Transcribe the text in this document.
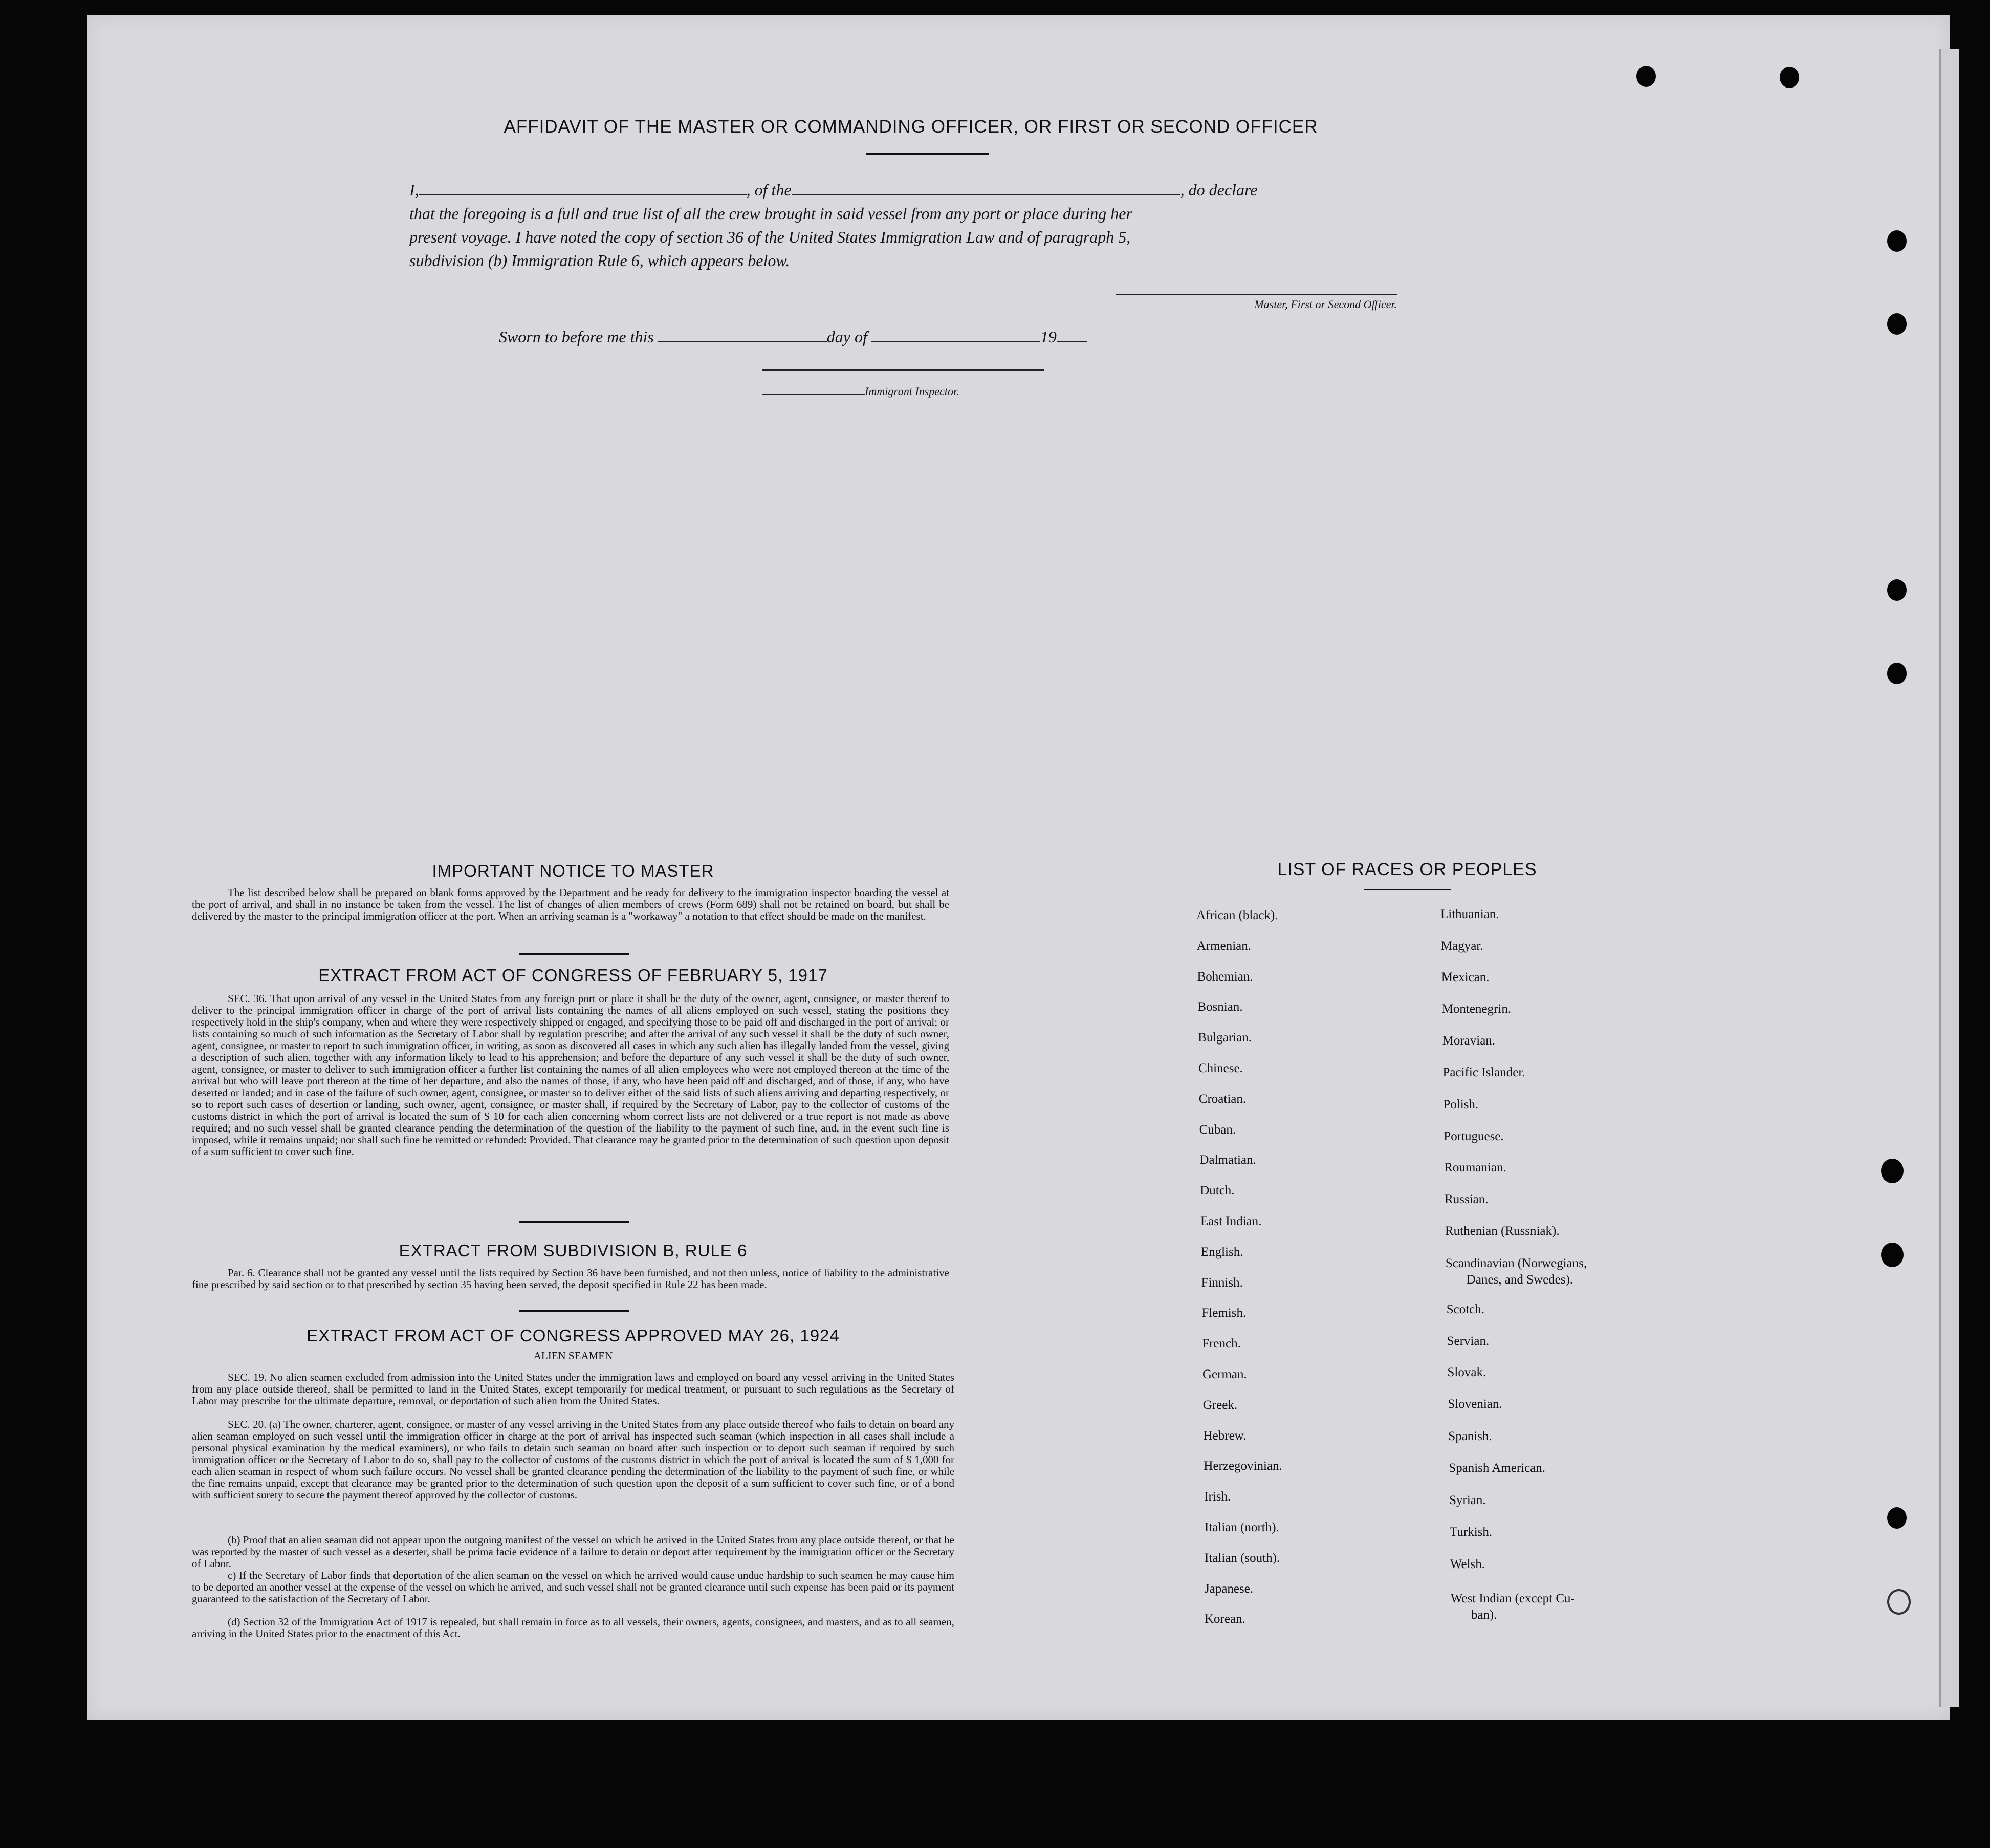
AFFIDAVIT OF THE MASTER OR COMMANDING OFFICER, OR FIRST OR SECOND OFFICER
I,	, of the	, do declare
that the foregoing is a full and true list of all the crew brought in said vessel from any port or place during her
present voyage. I have noted the copy of section 36 of the United States Immigration Law and of paragraph 5,
subdivision (b) Immigration Rule 6, which appears below.
Master, First or Second Officer.
Sworn to before me this	day of	19
Immigrant Inspector.
IMPORTANT NOTICE TO MASTER
The list described below shall be prepared on blank forms approved by the Department and be ready for delivery to the immigration inspector boarding the vessel at the port of arrival, and shall in no instance be taken from the vessel. The list of changes of alien members of crews (Form 689) shall not be retained on board, but shall be delivered by the master to the principal immigration officer at the port. When an arriving seaman is a "workaway" a notation to that effect should be made on the manifest.
EXTRACT FROM ACT OF CONGRESS OF FEBRUARY 5, 1917
SEC. 36. That upon arrival of any vessel in the United States from any foreign port or place it shall be the duty of the owner, agent, consignee, or master thereof to deliver to the principal immigration officer in charge of the port of arrival lists containing the names of all aliens employed on such vessel, stating the positions they respectively hold in the ship's company, when and where they were respectively shipped or engaged, and specifying those to be paid off and discharged in the port of arrival; or lists containing so much of such information as the Secretary of Labor shall by regulation prescribe; and after the arrival of any such vessel it shall be the duty of such owner, agent, consignee, or master to report to such immigration officer, in writing, as soon as discovered all cases in which any such alien has illegally landed from the vessel, giving a description of such alien, together with any information likely to lead to his apprehension; and before the departure of any such vessel it shall be the duty of such owner, agent, consignee, or master to deliver to such immigration officer a further list containing the names of all alien employees who were not employed thereon at the time of the arrival but who will leave port thereon at the time of her departure, and also the names of those, if any, who have been paid off and discharged, and of those, if any, who have deserted or landed; and in case of the failure of such owner, agent, consignee, or master so to deliver either of the said lists of such aliens arriving and departing respectively, or so to report such cases of desertion or landing, such owner, agent, consignee, or master shall, if required by the Secretary of Labor, pay to the collector of customs of the customs district in which the port of arrival is located the sum of $ 10 for each alien concerning whom correct lists are not delivered or a true report is not made as above required; and no such vessel shall be granted clearance pending the determination of the question of the liability to the payment of such fine, and, in the event such fine is imposed, while it remains unpaid; nor shall such fine be remitted or refunded: Provided. That clearance may be granted prior to the determination of such question upon deposit of a sum sufficient to cover such fine.
EXTRACT FROM SUBDIVISION B, RULE 6
Par. 6. Clearance shall not be granted any vessel until the lists required by Section 36 have been furnished, and not then unless, notice of liability to the administrative fine prescribed by said section or to that prescribed by section 35 having been served, the deposit specified in Rule 22 has been made.
EXTRACT FROM ACT OF CONGRESS APPROVED MAY 26, 1924
ALIEN SEAMEN
SEC. 19. No alien seamen excluded from admission into the United States under the immigration laws and employed on board any vessel arriving in the United States from any place outside thereof, shall be permitted to land in the United States, except temporarily for medical treatment, or pursuant to such regulations as the Secretary of Labor may prescribe for the ultimate departure, removal, or deportation of such alien from the United States.
SEC. 20. (a) The owner, charterer, agent, consignee, or master of any vessel arriving in the United States from any place outside thereof who fails to detain on board any alien seaman employed on such vessel until the immigration officer in charge at the port of arrival has inspected such seaman (which inspection in all cases shall include a personal physical examination by the medical examiners), or who fails to detain such seaman on board after such inspection or to deport such seaman if required by such immigration officer or the Secretary of Labor to do so, shall pay to the collector of customs of the customs district in which the port of arrival is located the sum of $ 1,000 for each alien seaman in respect of whom such failure occurs. No vessel shall be granted clearance pending the determination of the liability to the payment of such fine, or while the fine remains unpaid, except that clearance may be granted prior to the determination of such question upon the deposit of a sum sufficient to cover such fine, or of a bond with sufficient surety to secure the payment thereof approved by the collector of customs.
(b) Proof that an alien seaman did not appear upon the outgoing manifest of the vessel on which he arrived in the United States from any place outside thereof, or that he was reported by the master of such vessel as a deserter, shall be prima facie evidence of a failure to detain or deport after requirement by the immigration officer or the Secretary of Labor.
c) If the Secretary of Labor finds that deportation of the alien seaman on the vessel on which he arrived would cause undue hardship to such seamen he may cause him to be deported an another vessel at the expense of the vessel on which he arrived, and such vessel shall not be granted clearance until such expense has been paid or its payment guaranteed to the satisfaction of the Secretary of Labor.
(d) Section 32 of the Immigration Act of 1917 is repealed, but shall remain in force as to all vessels, their owners, agents, consignees, and masters, and as to all seamen, arriving in the United States prior to the enactment of this Act.
LIST OF RACES OR PEOPLES
African (black).
Armenian.
Bohemian.
Bosnian.
Bulgarian.
Chinese.
Croatian.
Cuban.
Dalmatian.
Dutch.
East Indian.
English.
Finnish.
Flemish.
French.
German.
Greek.
Hebrew.
Herzegovinian.
Irish.
Italian (north).
Italian (south).
Japanese.
Korean.
Lithuanian.
Magyar.
Mexican.
Montenegrin.
Moravian.
Pacific Islander.
Polish.
Portuguese.
Roumanian.
Russian.
Ruthenian (Russniak).
Scandinavian (Norwegians,
Danes, and Swedes).
Scotch.
Servian.
Slovak.
Slovenian.
Spanish.
Spanish American.
Syrian.
Turkish.
Welsh.
West Indian (except Cu-
ban).
